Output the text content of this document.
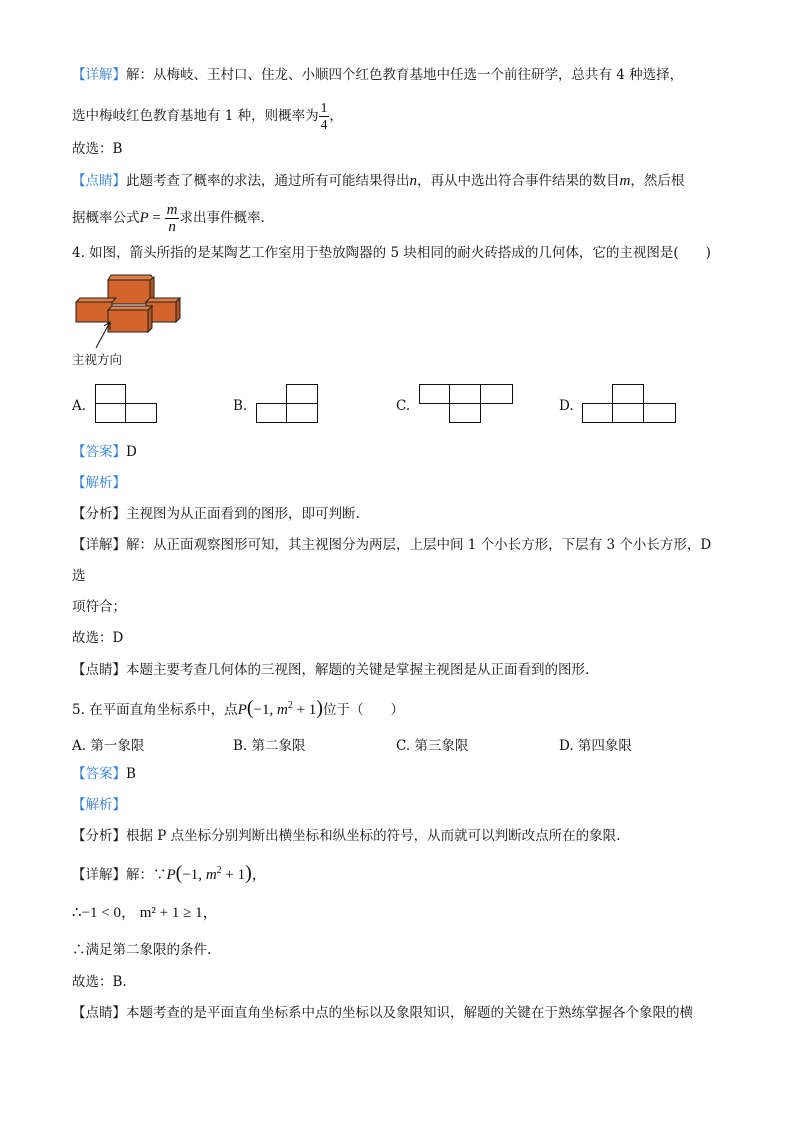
【详解】解：从梅岐、王村口、住龙、小顺四个红色教育基地中任选一个前往研学，总共有 4 种选择，
选中梅岐红色教育基地有 1 种，则概率为 $\frac{1}{4}$ ，
故选：B
【点睛】此题考查了概率的求法，通过所有可能结果得出n，再从中选出符合事件结果的数目m，然后根
据概率公式$P = \frac{m}{n}$ 求出事件概率.
4. 如图，箭头所指的是某陶艺工作室用于垫放陶器的 5 块相同的耐火砖搭成的几何体，它的主视图是(　　)
主视方向
A.	B.	C.	D.
【答案】D
【解析】
【分析】主视图为从正面看到的图形，即可判断.
【详解】解：从正面观察图形可知，其主视图分为两层，上层中间 1 个小长方形，下层有 3 个小长方形，D
选
项符合；
故选：D
【点睛】本题主要考查几何体的三视图，解题的关键是掌握主视图是从正面看到的图形.
5. 在平面直角坐标系中，点P(−1, $m^2 + 1$)位于（　　）
A. 第一象限	B. 第二象限	C. 第三象限	D. 第四象限
【答案】B
【解析】
【分析】根据 P 点坐标分别判断出横坐标和纵坐标的符号，从而就可以判断改点所在的象限.
【详解】解：∵P(−1, $m^2 + 1$)，
∴−1 < 0， m² + 1 ≥ 1，
∴满足第二象限的条件.
故选：B.
【点睛】本题考查的是平面直角坐标系中点的坐标以及象限知识，解题的关键在于熟练掌握各个象限的横
